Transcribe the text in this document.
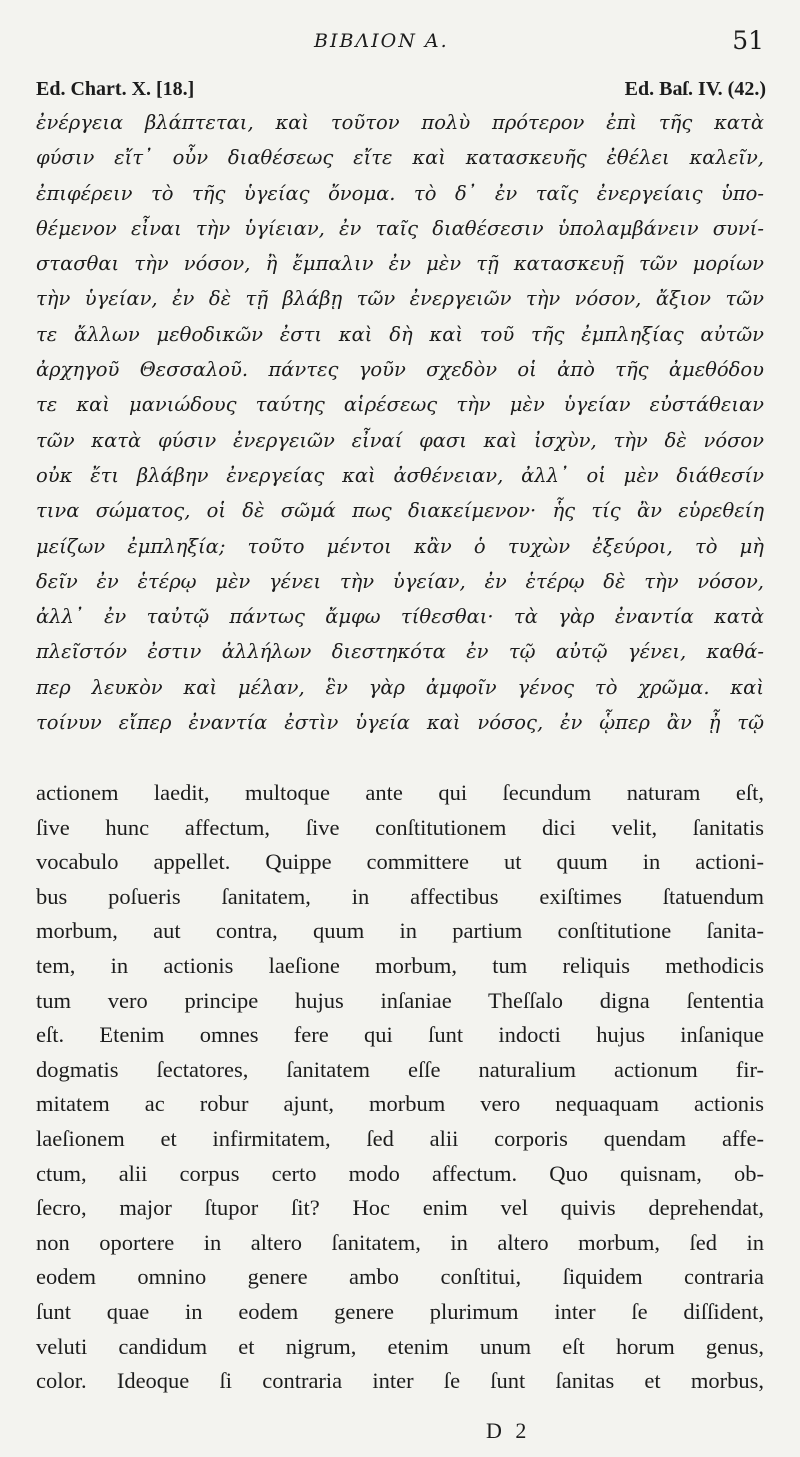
BIBΛIOΝ Α.	51
Ed. Chart. X. [18.]	Ed. Baſ. IV. (42.)
ἐνέργεια βλάπτεται, καὶ τοῦτον πολὺ πρότερον ἐπὶ τῆς κατὰ
φύσιν εἴτ᾽ οὖν διαθέσεως εἴτε καὶ κατασκευῆς ἐθέλει καλεῖν,
ἐπιφέρειν τὸ τῆς ὑγείας ὄνομα. τὸ δ᾽ ἐν ταῖς ἐνεργείαις ὑπο-
θέμενον εἶναι τὴν ὑγίειαν, ἐν ταῖς διαθέσεσιν ὑπολαμβάνειν συνί-
στασθαι τὴν νόσον, ἢ ἔμπαλιν ἐν μὲν τῇ κατασκευῇ τῶν μορίων
τὴν ὑγείαν, ἐν δὲ τῇ βλάβῃ τῶν ἐνεργειῶν τὴν νόσον, ἄξιον τῶν
τε ἄλλων μεθοδικῶν ἐστι καὶ δὴ καὶ τοῦ τῆς ἐμπληξίας αὐτῶν
ἀρχηγοῦ Θεσσαλοῦ. πάντες γοῦν σχεδὸν οἱ ἀπὸ τῆς ἀμεθόδου
τε καὶ μανιώδους ταύτης αἱρέσεως τὴν μὲν ὑγείαν εὐστάθειαν
τῶν κατὰ φύσιν ἐνεργειῶν εἶναί φασι καὶ ἰσχὺν, τὴν δὲ νόσον
οὐκ ἔτι βλάβην ἐνεργείας καὶ ἀσθένειαν, ἀλλ᾽ οἱ μὲν διάθεσίν
τινα σώματος, οἱ δὲ σῶμά πως διακείμενον· ἧς τίς ἂν εὑρεθείη
μείζων ἐμπληξία; τοῦτο μέντοι κἂν ὁ τυχὼν ἐξεύροι, τὸ μὴ
δεῖν ἐν ἑτέρῳ μὲν γένει τὴν ὑγείαν, ἐν ἑτέρῳ δὲ τὴν νόσον,
ἀλλ᾽ ἐν ταὐτῷ πάντως ἄμφω τίθεσθαι· τὰ γὰρ ἐναντία κατὰ
πλεῖστόν ἐστιν ἀλλήλων διεστηκότα ἐν τῷ αὐτῷ γένει, καθά-
περ λευκὸν καὶ μέλαν, ἓν γὰρ ἀμφοῖν γένος τὸ χρῶμα. καὶ
τοίνυν εἴπερ ἐναντία ἐστὶν ὑγεία καὶ νόσος, ἐν ᾧπερ ἂν ᾖ τῷ
actionem laedit, multoque ante qui ſecundum naturam eſt,
ſive hunc affectum, ſive conſtitutionem dici velit, ſanitatis
vocabulo appellet. Quippe committere ut quum in actioni-
bus poſueris ſanitatem, in affectibus exiſtimes ſtatuendum
morbum, aut contra, quum in partium conſtitutione ſanita-
tem, in actionis laeſione morbum, tum reliquis methodicis
tum vero principe hujus inſaniae Theſſalo digna ſententia
eſt. Etenim omnes fere qui ſunt indocti hujus inſanique
dogmatis ſectatores, ſanitatem eſſe naturalium actionum fir-
mitatem ac robur ajunt, morbum vero nequaquam actionis
laeſionem et infirmitatem, ſed alii corporis quendam affe-
ctum, alii corpus certo modo affectum. Quo quisnam, ob-
ſecro, major ſtupor ſit? Hoc enim vel quivis deprehendat,
non oportere in altero ſanitatem, in altero morbum, ſed in
eodem omnino genere ambo conſtitui, ſiquidem contraria
ſunt quae in eodem genere plurimum inter ſe diſſident,
veluti candidum et nigrum, etenim unum eſt horum genus,
color. Ideoque ſi contraria inter ſe ſunt ſanitas et morbus,
D 2
